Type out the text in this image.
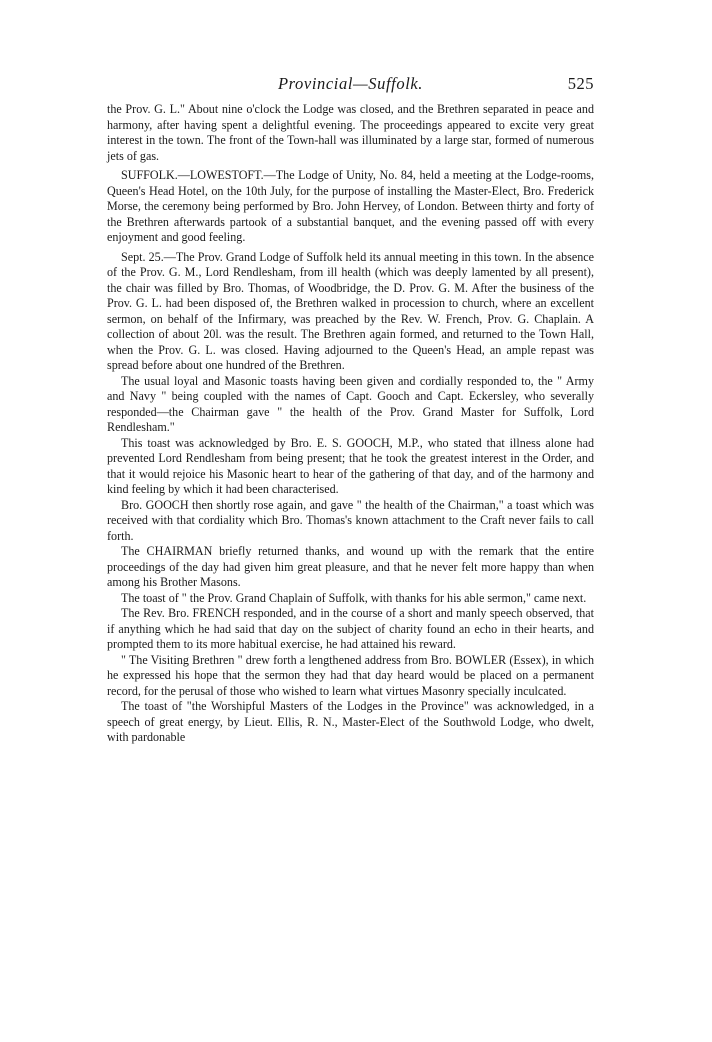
Provincial—Suffolk.	525

the Prov. G. L." About nine o'clock the Lodge was closed, and the Brethren separated in peace and harmony, after having spent a delightful evening. The proceedings appeared to excite very great interest in the town. The front of the Town-hall was illuminated by a large star, formed of numerous jets of gas.

SUFFOLK.—LOWESTOFT.—The Lodge of Unity, No. 84, held a meeting at the Lodge-rooms, Queen's Head Hotel, on the 10th July, for the purpose of installing the Master-Elect, Bro. Frederick Morse, the ceremony being performed by Bro. John Hervey, of London. Between thirty and forty of the Brethren afterwards partook of a substantial banquet, and the evening passed off with every enjoyment and good feeling.

Sept. 25.—The Prov. Grand Lodge of Suffolk held its annual meeting in this town. In the absence of the Prov. G. M., Lord Rendlesham, from ill health (which was deeply lamented by all present), the chair was filled by Bro. Thomas, of Woodbridge, the D. Prov. G. M. After the business of the Prov. G. L. had been disposed of, the Brethren walked in procession to church, where an excellent sermon, on behalf of the Infirmary, was preached by the Rev. W. French, Prov. G. Chaplain. A collection of about 20l. was the result. The Brethren again formed, and returned to the Town Hall, when the Prov. G. L. was closed. Having adjourned to the Queen's Head, an ample repast was spread before about one hundred of the Brethren.

The usual loyal and Masonic toasts having been given and cordially responded to, the " Army and Navy " being coupled with the names of Capt. Gooch and Capt. Eckersley, who severally responded—the Chairman gave " the health of the Prov. Grand Master for Suffolk, Lord Rendlesham."

This toast was acknowledged by Bro. E. S. GOOCH, M.P., who stated that illness alone had prevented Lord Rendlesham from being present; that he took the greatest interest in the Order, and that it would rejoice his Masonic heart to hear of the gathering of that day, and of the harmony and kind feeling by which it had been characterised.

Bro. GOOCH then shortly rose again, and gave " the health of the Chairman," a toast which was received with that cordiality which Bro. Thomas's known attachment to the Craft never fails to call forth.

The CHAIRMAN briefly returned thanks, and wound up with the remark that the entire proceedings of the day had given him great pleasure, and that he never felt more happy than when among his Brother Masons.

The toast of " the Prov. Grand Chaplain of Suffolk, with thanks for his able sermon," came next.

The Rev. Bro. FRENCH responded, and in the course of a short and manly speech observed, that if anything which he had said that day on the subject of charity found an echo in their hearts, and prompted them to its more habitual exercise, he had attained his reward.

" The Visiting Brethren " drew forth a lengthened address from Bro. BOWLER (Essex), in which he expressed his hope that the sermon they had that day heard would be placed on a permanent record, for the perusal of those who wished to learn what virtues Masonry specially inculcated.

The toast of "the Worshipful Masters of the Lodges in the Province" was acknowledged, in a speech of great energy, by Lieut. Ellis, R. N., Master-Elect of the Southwold Lodge, who dwelt, with pardonable
